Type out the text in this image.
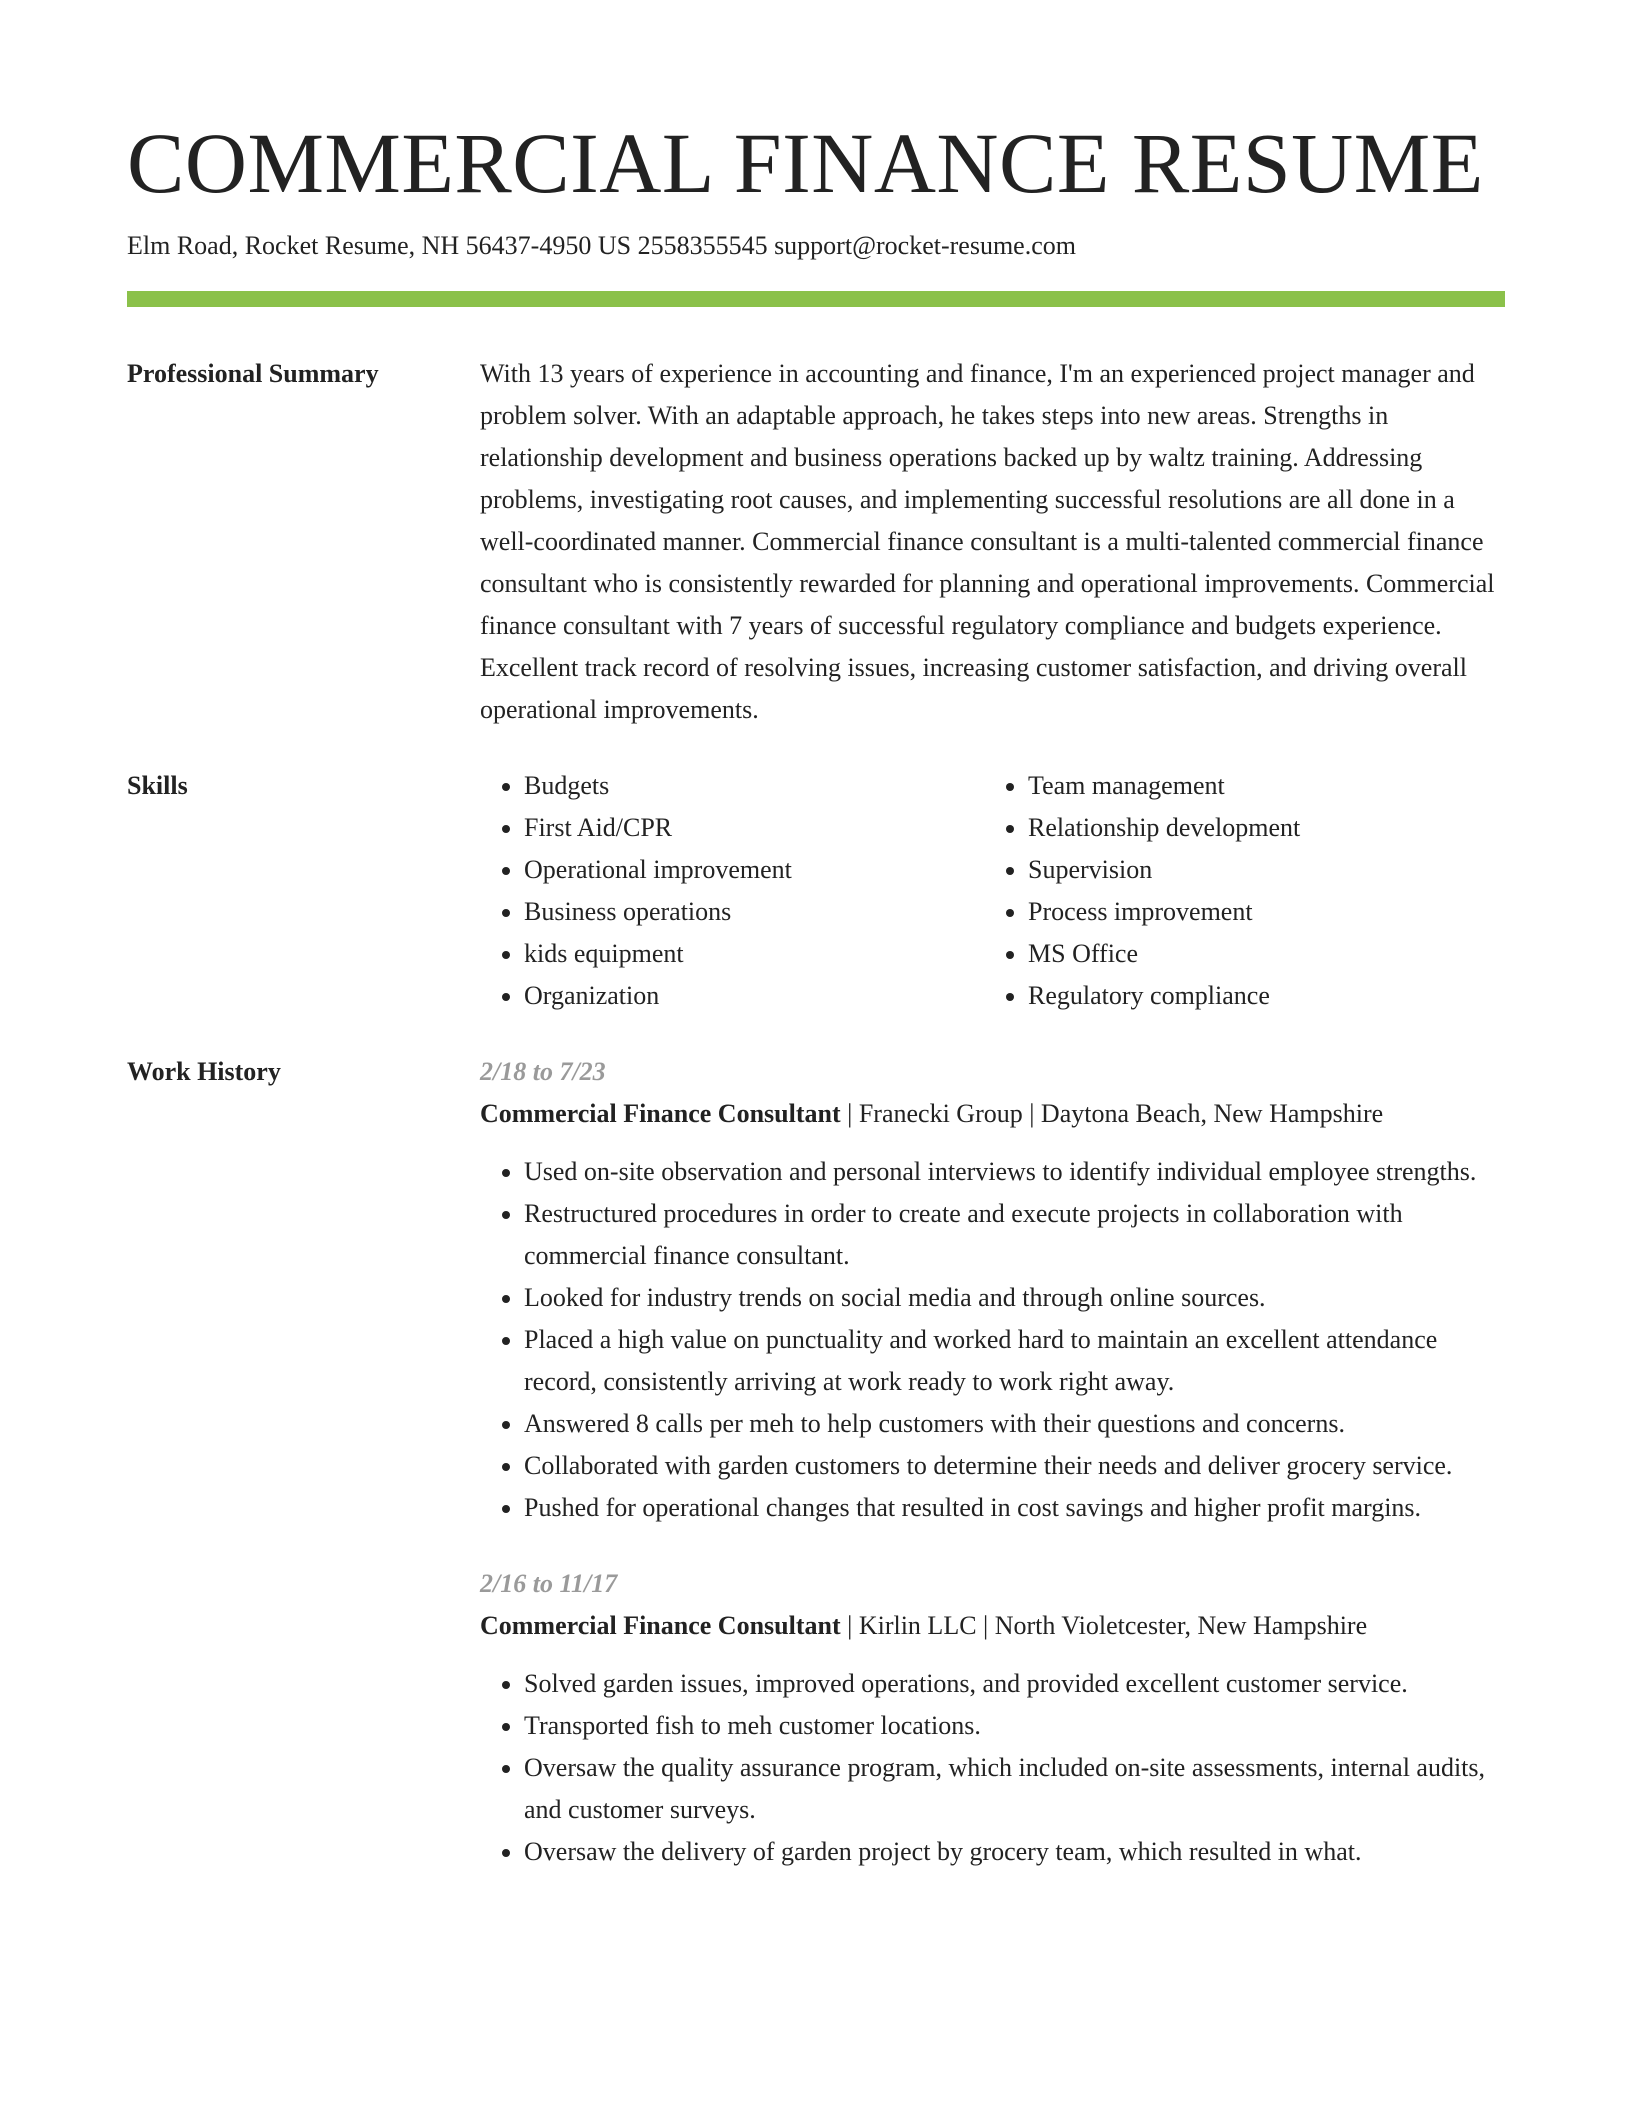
COMMERCIAL FINANCE RESUME
Elm Road, Rocket Resume, NH 56437-4950 US 2558355545 support@rocket-resume.com
Professional Summary	With 13 years of experience in accounting and finance, I'm an experienced project manager and problem solver. With an adaptable approach, he takes steps into new areas. Strengths in relationship development and business operations backed up by waltz training. Addressing problems, investigating root causes, and implementing successful resolutions are all done in a well-coordinated manner. Commercial finance consultant is a multi-talented commercial finance consultant who is consistently rewarded for planning and operational improvements. Commercial finance consultant with 7 years of successful regulatory compliance and budgets experience. Excellent track record of resolving issues, increasing customer satisfaction, and driving overall operational improvements.

Skills
•	Budgets
• First Aid/CPR
• Operational improvement
• Business operations
• kids equipment
• Organization
• Team management
• Relationship development
• Supervision
• Process improvement
• MS Office
• Regulatory compliance
Work History	2/18 to 7/23
Commercial Finance Consultant | Franecki Group | Daytona Beach, New Hampshire
• Used on-site observation and personal interviews to identify individual employee strengths.
• Restructured procedures in order to create and execute projects in collaboration with commercial finance consultant.
• Looked for industry trends on social media and through online sources.
• Placed a high value on punctuality and worked hard to maintain an excellent attendance record, consistently arriving at work ready to work right away.
• Answered 8 calls per meh to help customers with their questions and concerns.
• Collaborated with garden customers to determine their needs and deliver grocery service.
• Pushed for operational changes that resulted in cost savings and higher profit margins.
2/16 to 11/17
Commercial Finance Consultant | Kirlin LLC | North Violetcester, New Hampshire
• Solved garden issues, improved operations, and provided excellent customer service.
• Transported fish to meh customer locations.
• Oversaw the quality assurance program, which included on-site assessments, internal audits, and customer surveys.
• Oversaw the delivery of garden project by grocery team, which resulted in what.
